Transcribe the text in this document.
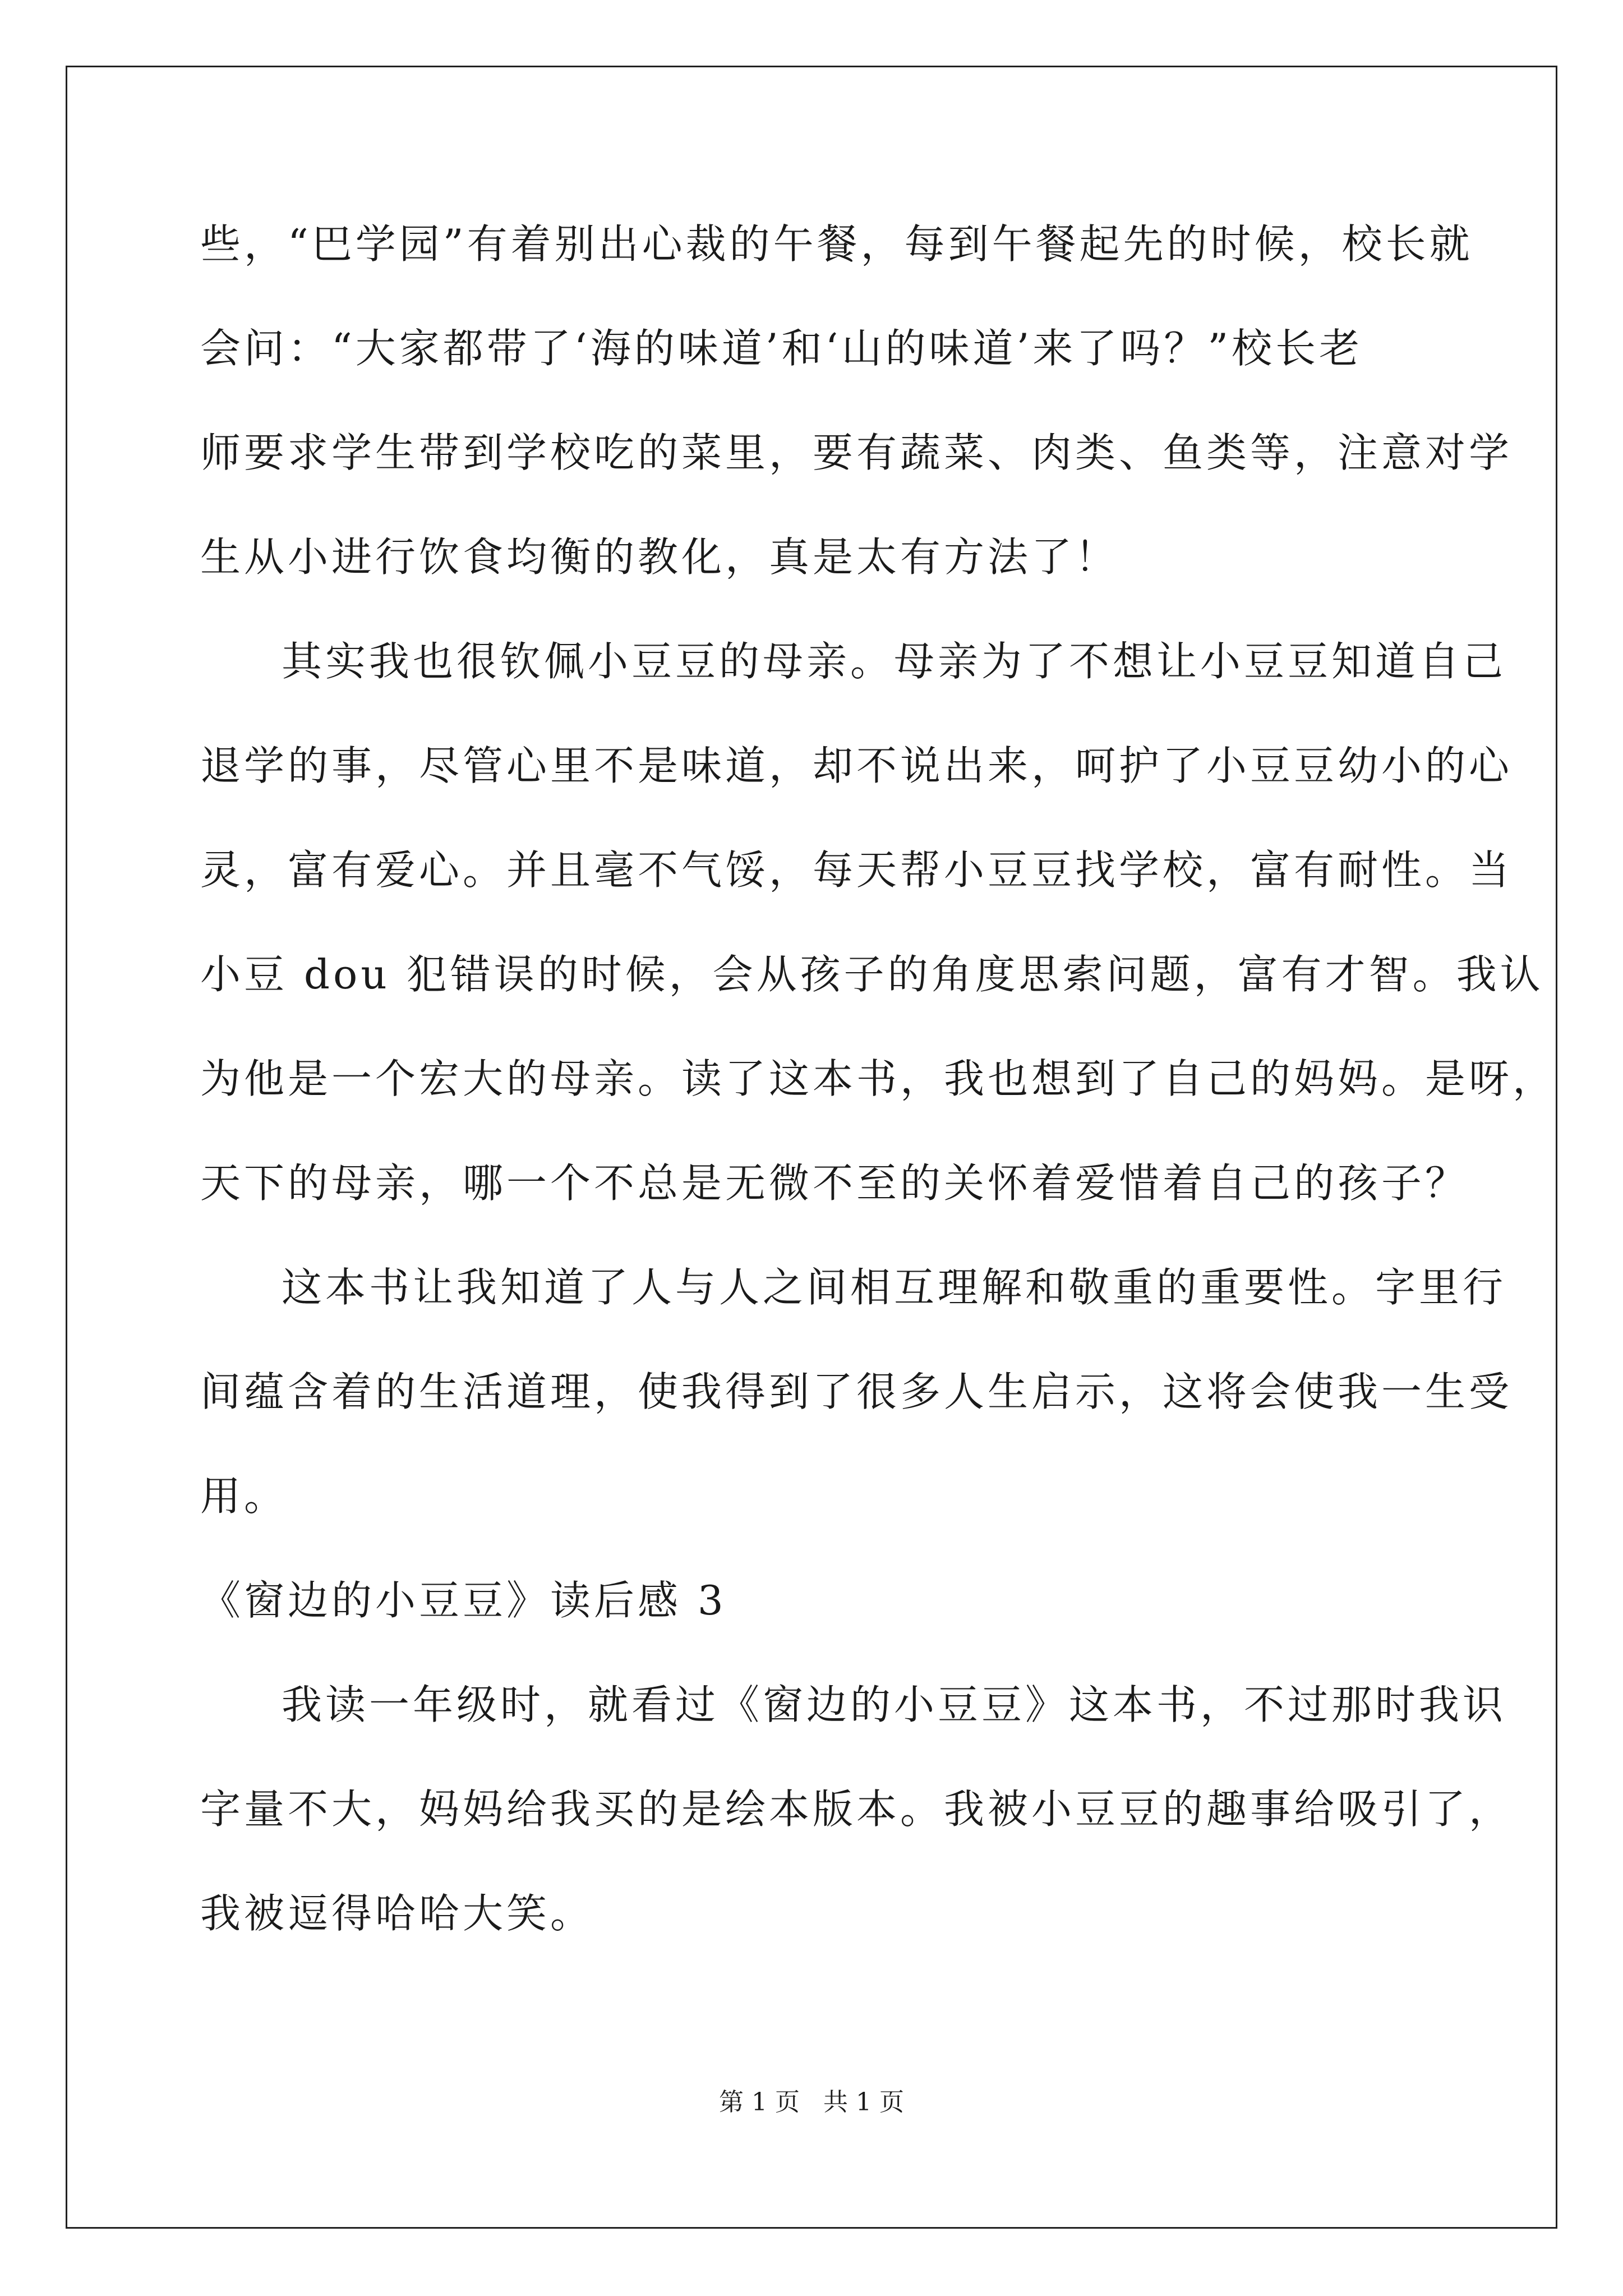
些，“巴学园”有着别出心裁的午餐，每到午餐起先的时候，校长就
会问：“大家都带了‘海的味道’和‘山的味道’来了吗？”校长老
师要求学生带到学校吃的菜里，要有蔬菜、肉类、鱼类等，注意对学
生从小进行饮食均衡的教化，真是太有方法了！
其实我也很钦佩小豆豆的母亲。母亲为了不想让小豆豆知道自己
退学的事，尽管心里不是味道，却不说出来，呵护了小豆豆幼小的心
灵，富有爱心。并且毫不气馁，每天帮小豆豆找学校，富有耐性。当
小豆 dou 犯错误的时候，会从孩子的角度思索问题，富有才智。我认
为他是一个宏大的母亲。读了这本书，我也想到了自己的妈妈。是呀，
天下的母亲，哪一个不总是无微不至的关怀着爱惜着自己的孩子？
这本书让我知道了人与人之间相互理解和敬重的重要性。字里行
间蕴含着的生活道理，使我得到了很多人生启示，这将会使我一生受
用。
《窗边的小豆豆》读后感 3
我读一年级时，就看过《窗边的小豆豆》这本书，不过那时我识
字量不大，妈妈给我买的是绘本版本。我被小豆豆的趣事给吸引了，
我被逗得哈哈大笑。
第 1 页   共 1 页
